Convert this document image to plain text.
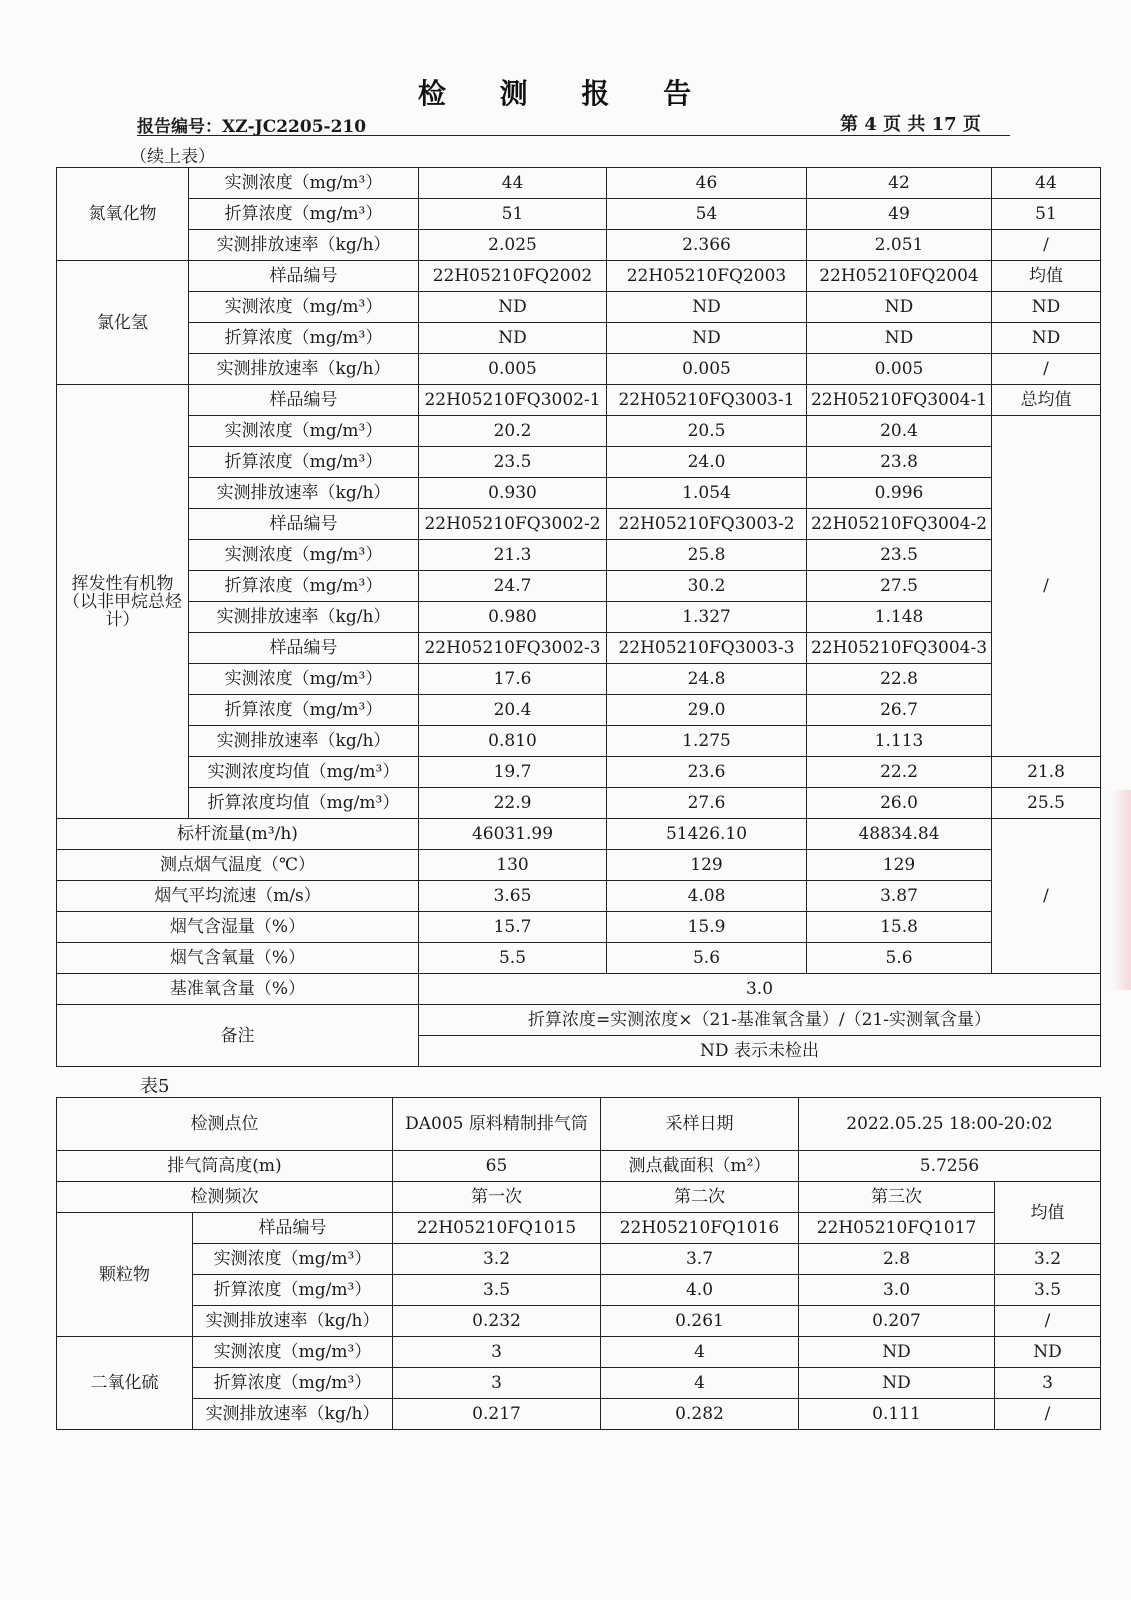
检 测 报 告
报告编号：XZ-JC2205-210	第 4 页 共 17 页
（续上表）
氮氧化物	实测浓度（mg/m³）	44	46	42	44
	折算浓度（mg/m³）	51	54	49	51
	实测排放速率（kg/h）	2.025	2.366	2.051	/
氯化氢	样品编号	22H05210FQ2002	22H05210FQ2003	22H05210FQ2004	均值
	实测浓度（mg/m³）	ND	ND	ND	ND
	折算浓度（mg/m³）	ND	ND	ND	ND
	实测排放速率（kg/h）	0.005	0.005	0.005	/
挥发性有机物（以非甲烷总烃计）	样品编号	22H05210FQ3002-1	22H05210FQ3003-1	22H05210FQ3004-1	总均值
	实测浓度（mg/m³）	20.2	20.5	20.4	/
	折算浓度（mg/m³）	23.5	24.0	23.8	
	实测排放速率（kg/h）	0.930	1.054	0.996	
	样品编号	22H05210FQ3002-2	22H05210FQ3003-2	22H05210FQ3004-2	
	实测浓度（mg/m³）	21.3	25.8	23.5	
	折算浓度（mg/m³）	24.7	30.2	27.5	
	实测排放速率（kg/h）	0.980	1.327	1.148	
	样品编号	22H05210FQ3002-3	22H05210FQ3003-3	22H05210FQ3004-3	
	实测浓度（mg/m³）	17.6	24.8	22.8	
	折算浓度（mg/m³）	20.4	29.0	26.7	
	实测排放速率（kg/h）	0.810	1.275	1.113	
	实测浓度均值（mg/m³）	19.7	23.6	22.2	21.8
	折算浓度均值（mg/m³）	22.9	27.6	26.0	25.5
标杆流量(m³/h)		46031.99	51426.10	48834.84	/
测点烟气温度（℃）		130	129	129	
烟气平均流速（m/s）		3.65	4.08	3.87	
烟气含湿量（%）		15.7	15.9	15.8	
烟气含氧量（%）		5.5	5.6	5.6	
基准氧含量（%）		3.0			
备注		折算浓度=实测浓度×（21-基准氧含量）/（21-实测氧含量）			
		ND 表示未检出			
表5
检测点位		DA005 原料精制排气筒	采样日期	2022.05.25 18:00-20:02	
排气筒高度(m)		65	测点截面积（m²）	5.7256	
检测频次		第一次	第二次	第三次	均值
颗粒物	样品编号	22H05210FQ1015	22H05210FQ1016	22H05210FQ1017	
	实测浓度（mg/m³）	3.2	3.7	2.8	3.2
	折算浓度（mg/m³）	3.5	4.0	3.0	3.5
	实测排放速率（kg/h）	0.232	0.261	0.207	/
二氧化硫	实测浓度（mg/m³）	3	4	ND	ND
	折算浓度（mg/m³）	3	4	ND	3
	实测排放速率（kg/h）	0.217	0.282	0.111	/
